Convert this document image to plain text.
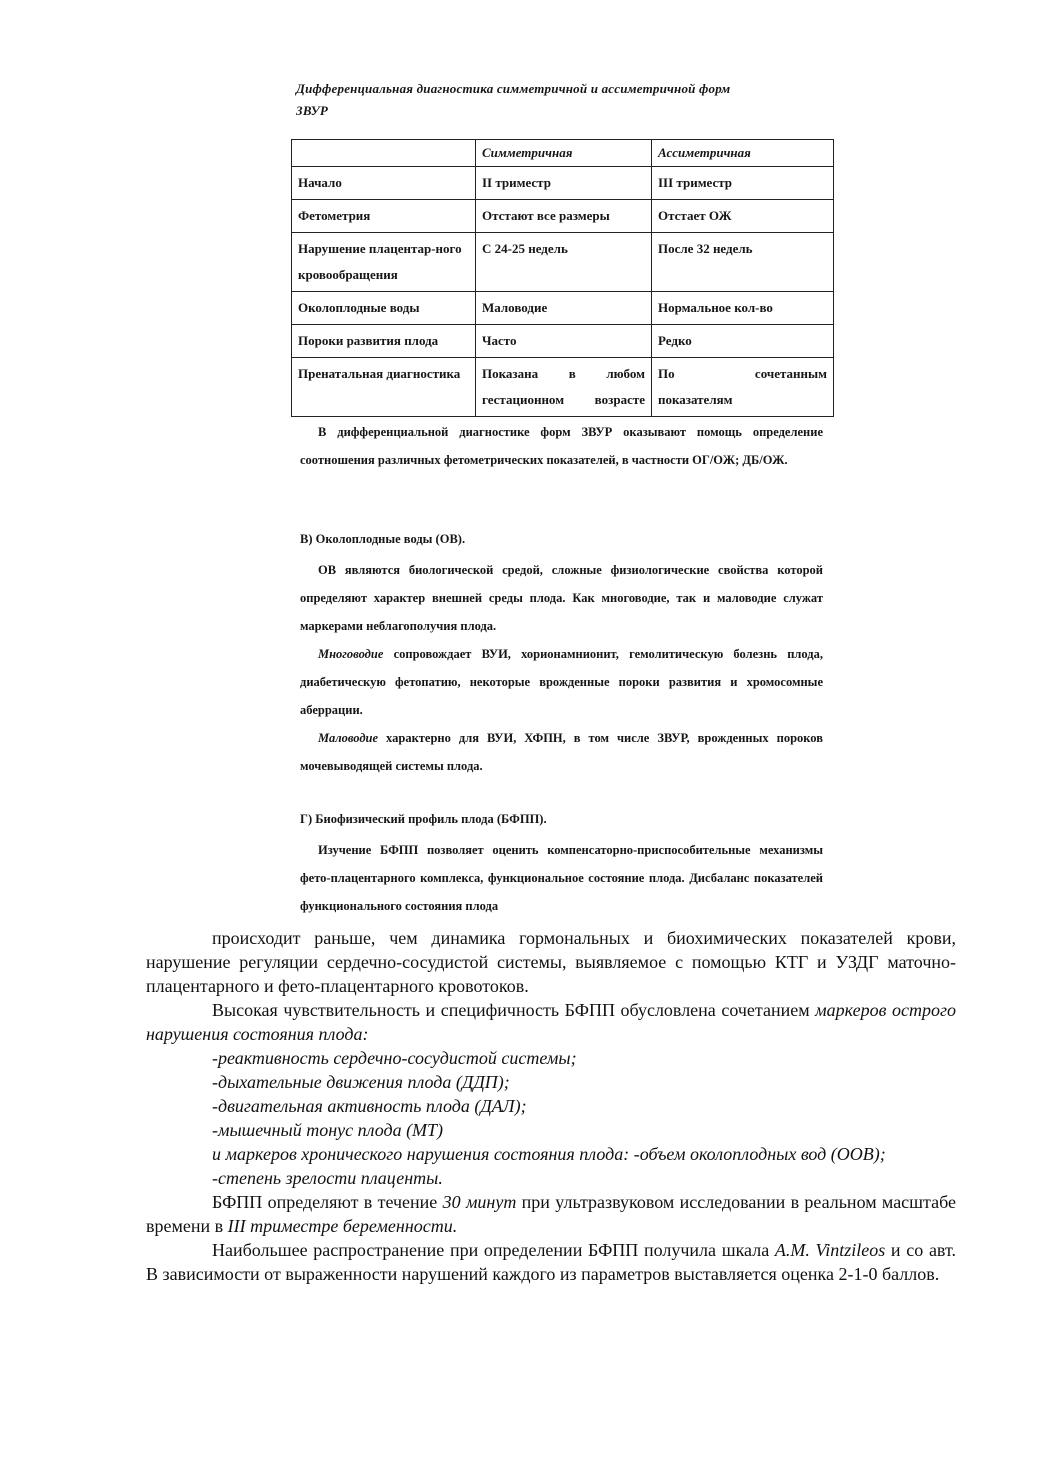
Дифференциальная диагностика симметричной и ассиметричной форм

ЗВУР

	Симметричная	Ассиметричная
Начало	II триместр	III триместр
Фетометрия	Отстают все размеры	Отстает ОЖ
Нарушение плацентар-ного кровообращения	С 24-25 недель	После 32 недель
Околоплодные воды	Маловодие	Нормальное кол-во
Пороки развития плода	Часто	Редко
Пренатальная диагностика	Показана в любом гестационном возрасте	По сочетанным показателям
В дифференциальной диагностике форм ЗВУР оказывают помощь определение соотношения различных фетометрических показателей, в частности ОГ/ОЖ; ДБ/ОЖ.
В) Околоплодные воды (ОВ).
ОВ являются биологической средой, сложные физиологические свойства которой определяют характер внешней среды плода. Как многоводие, так и маловодие служат маркерами неблагополучия плода.
Многоводие сопровождает ВУИ, хорионамнионит, гемолитическую болезнь плода, диабетическую фетопатию, некоторые врожденные пороки развития и хромосомные аберрации.
Маловодие характерно для ВУИ, ХФПН, в том числе ЗВУР, врожденных пороков мочевыводящей системы плода.
Г) Биофизический профиль плода (БФПП).
Изучение БФПП позволяет оценить компенсаторно-приспособительные механизмы фето-плацентарного комплекса, функциональное состояние плода. Дисбаланс показателей функционального состояния плода

происходит раньше, чем динамика гормональных и биохимических показателей крови, нарушение регуляции сердечно-сосудистой системы, выявляемое с помощью КТГ и УЗДГ маточно-плацентарного и фето-плацентарного кровотоков.

Высокая чувствительность и специфичность БФПП обусловлена сочетанием маркеров острого нарушения состояния плода:

-реактивность сердечно-сосудистой системы;

-дыхательные движения плода (ДДП);

-двигательная активность плода (ДАЛ);

-мышечный тонус плода (МТ)

и маркеров хронического нарушения состояния плода: -объем околоплодных вод (ООВ);

-степень зрелости плаценты.

БФПП определяют в течение 30 минут при ультразвуковом исследовании в реальном масштабе времени в III триместре беременности.

Наибольшее распространение при определении БФПП получила шкала A.M. Vintzileos и со авт. В зависимости от выраженности нарушений каждого из параметров выставляется оценка 2-1-0 баллов.
